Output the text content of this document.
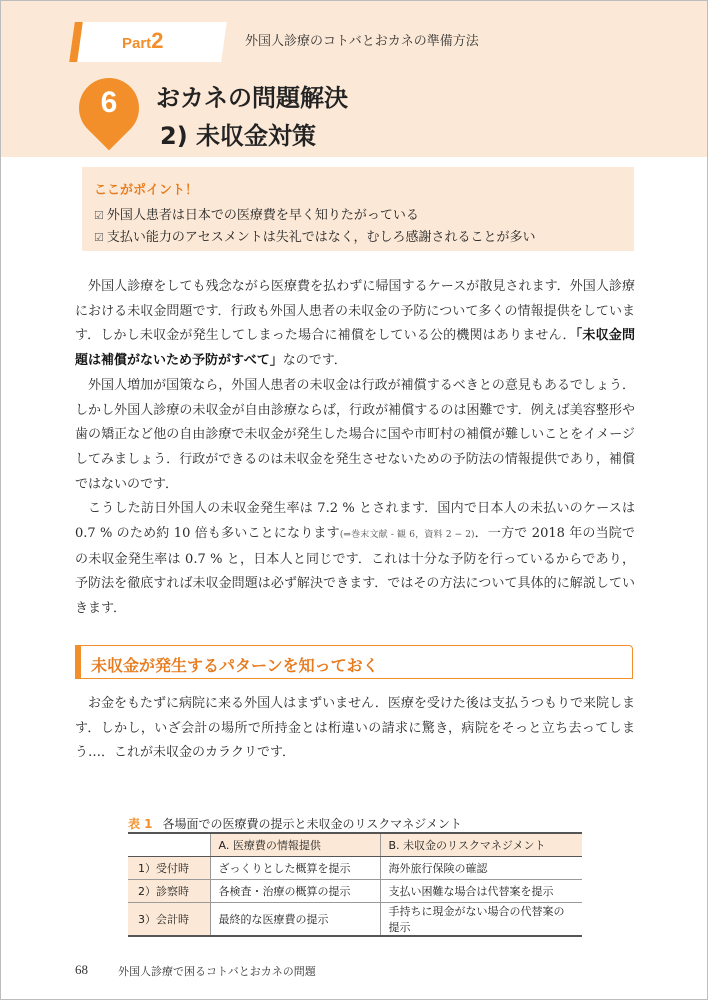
Part2	外国人診療のコトバとおカネの準備方法
6	おカネの問題解決
2) 未収金対策
ここがポイント！
☑ 外国人患者は日本での医療費を早く知りたがっている
☑ 支払い能力のアセスメントは失礼ではなく，むしろ感謝されることが多い

外国人診療をしても残念ながら医療費を払わずに帰国するケースが散見されます．外国人診療における未収金問題です．行政も外国人患者の未収金の予防について多くの情報提供をしています．しかし未収金が発生してしまった場合に補償をしている公的機関はありません．「未収金問題は補償がないため予防がすべて」なのです．

外国人増加が国策なら，外国人患者の未収金は行政が補償するべきとの意見もあるでしょう．しかし外国人診療の未収金が自由診療ならば，行政が補償するのは困難です．例えば美容整形や歯の矯正など他の自由診療で未収金が発生した場合に国や市町村の補償が難しいことをイメージしてみましょう．行政ができるのは未収金を発生させないための予防法の情報提供であり，補償ではないのです．

こうした訪日外国人の未収金発生率は 7.2 % とされます．国内で日本人の未払いのケースは 0.7 % のため約 10 倍も多いことになります(⇒巻末文献 - 観 6，資料 2 − 2)．一方で 2018 年の当院での未収金発生率は 0.7 % と，日本人と同じです．これは十分な予防を行っているからであり，予防法を徹底すれば未収金問題は必ず解決できます．ではその方法について具体的に解説していきます．

未収金が発生するパターンを知っておく

お金をもたずに病院に来る外国人はまずいません．医療を受けた後は支払うつもりで来院します．しかし，いざ会計の場所で所持金とは桁違いの請求に驚き，病院をそっと立ち去ってしまう…．これが未収金のカラクリです．

表 1 各場面での医療費の提示と未収金のリスクマネジメント
	A. 医療費の情報提供	B. 未収金のリスクマネジメント
1）受付時	ざっくりとした概算を提示	海外旅行保険の確認
2）診察時	各検査・治療の概算の提示	支払い困難な場合は代替案を提示
3）会計時	最終的な医療費の提示	手持ちに現金がない場合の代替案の提示
68	外国人診療で困るコトバとおカネの問題
